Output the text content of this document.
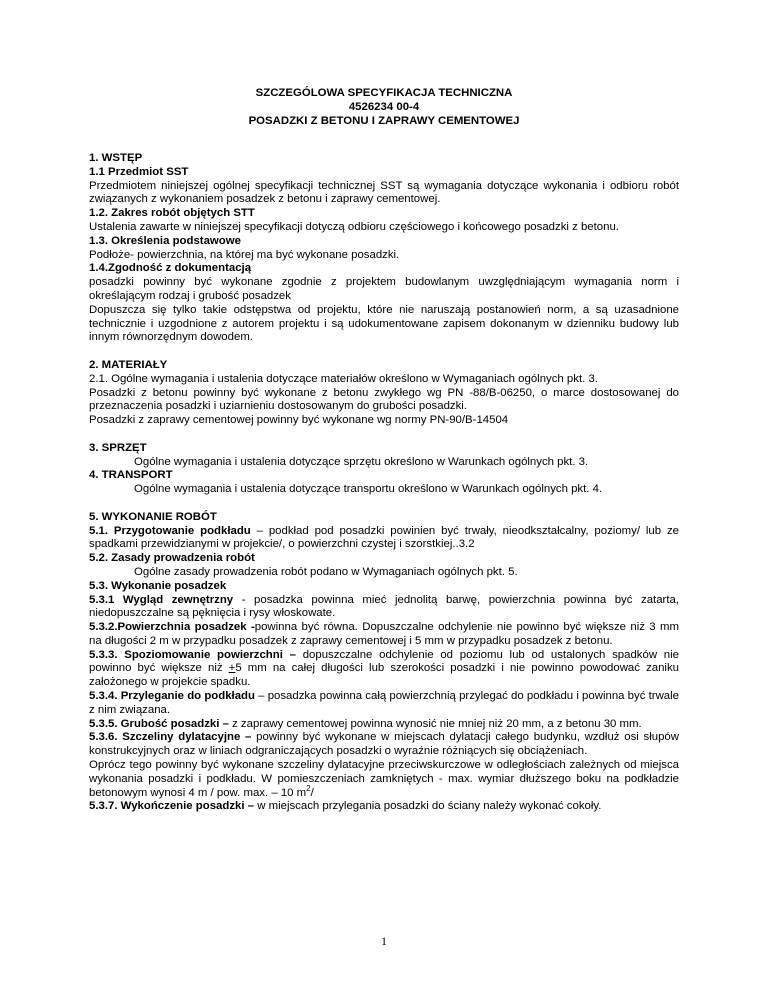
SZCZEGÓLOWA SPECYFIKACJA TECHNICZNA
4526234 00-4
POSADZKI Z BETONU I ZAPRAWY CEMENTOWEJ

1. WSTĘP

1.1 Przedmiot SST

Przedmiotem niniejszej ogólnej specyfikacji technicznej SST są wymagania dotyczące wykonania i odbioru robót związanych z wykonaniem posadzek z betonu i zaprawy cementowej.

1.2. Zakres robót objętych STT

Ustalenia zawarte w niniejszej specyfikacji dotyczą odbioru częściowego i końcowego posadzki z betonu.

1.3. Określenia podstawowe

Podłoże- powierzchnia, na której ma być wykonane posadzki.

1.4.Zgodność z dokumentacją

posadzki powinny być wykonane zgodnie z projektem budowlanym uwzględniającym wymagania norm i określającym rodzaj i grubość posadzek

Dopuszcza się tylko takie odstępstwa od projektu, które nie naruszają postanowień norm, a są uzasadnione technicznie i uzgodnione z autorem projektu i są udokumentowane zapisem dokonanym w dzienniku budowy lub innym równorzędnym dowodem.

2. MATERIAŁY

2.1. Ogólne wymagania i ustalenia dotyczące materiałów określono w Wymaganiach ogólnych pkt. 3.

Posadzki z betonu powinny być wykonane z betonu zwykłego wg PN -88/B-06250, o marce dostosowanej do przeznaczenia posadzki i uziarnieniu dostosowanym do grubości posadzki.

Posadzki z zaprawy cementowej powinny być wykonane wg normy PN-90/B-14504

3. SPRZĘT

Ogólne wymagania i ustalenia dotyczące sprzętu określono w Warunkach ogólnych pkt. 3.

4. TRANSPORT

Ogólne wymagania i ustalenia dotyczące transportu określono w Warunkach ogólnych pkt. 4.

5. WYKONANIE ROBÓT

5.1. Przygotowanie podkładu – podkład pod posadzki powinien być trwały, nieodkształcalny, poziomy/ lub ze spadkami przewidzianymi w projekcie/, o powierzchni czystej i szorstkiej..3.2

5.2. Zasady prowadzenia robót

Ogólne zasady prowadzenia robót podano w Wymaganiach ogólnych pkt. 5.

5.3. Wykonanie posadzek

5.3.1 Wygląd zewnętrzny - posadzka powinna mieć jednolitą barwę, powierzchnia powinna być zatarta, niedopuszczalne są pęknięcia i rysy włoskowate.

5.3.2.Powierzchnia posadzek -powinna być równa. Dopuszczalne odchylenie nie powinno być większe niż 3 mm na długości 2 m w przypadku posadzek z zaprawy cementowej i 5 mm w przypadku posadzek z betonu.

5.3.3. Spoziomowanie powierzchni – dopuszczalne odchylenie od poziomu lub od ustalonych spadków nie powinno być większe niż +5 mm na całej długości lub szerokości posadzki i nie powinno powodować zaniku założonego w projekcie spadku.

5.3.4. Przyleganie do podkładu – posadzka powinna całą powierzchnią przylegać do podkładu i powinna być trwale z nim związana.

5.3.5. Grubość posadzki – z zaprawy cementowej powinna wynosić nie mniej niż 20 mm, a z betonu 30 mm.

5.3.6. Szczeliny dylatacyjne – powinny być wykonane w miejscach dylatacji całego budynku, wzdłuż osi słupów konstrukcyjnych oraz w liniach odgraniczających posadzki o wyraźnie różniących się obciążeniach.

Oprócz tego powinny być wykonane szczeliny dylatacyjne przeciwskurczowe w odległościach zależnych od miejsca wykonania posadzki i podkładu. W pomieszczeniach zamkniętych - max. wymiar dłuższego boku na podkładzie betonowym wynosi 4 m / pow. max. – 10 $m^2/$

5.3.7. Wykończenie posadzki – w miejscach przylegania posadzki do ściany należy wykonać cokoły.

1
